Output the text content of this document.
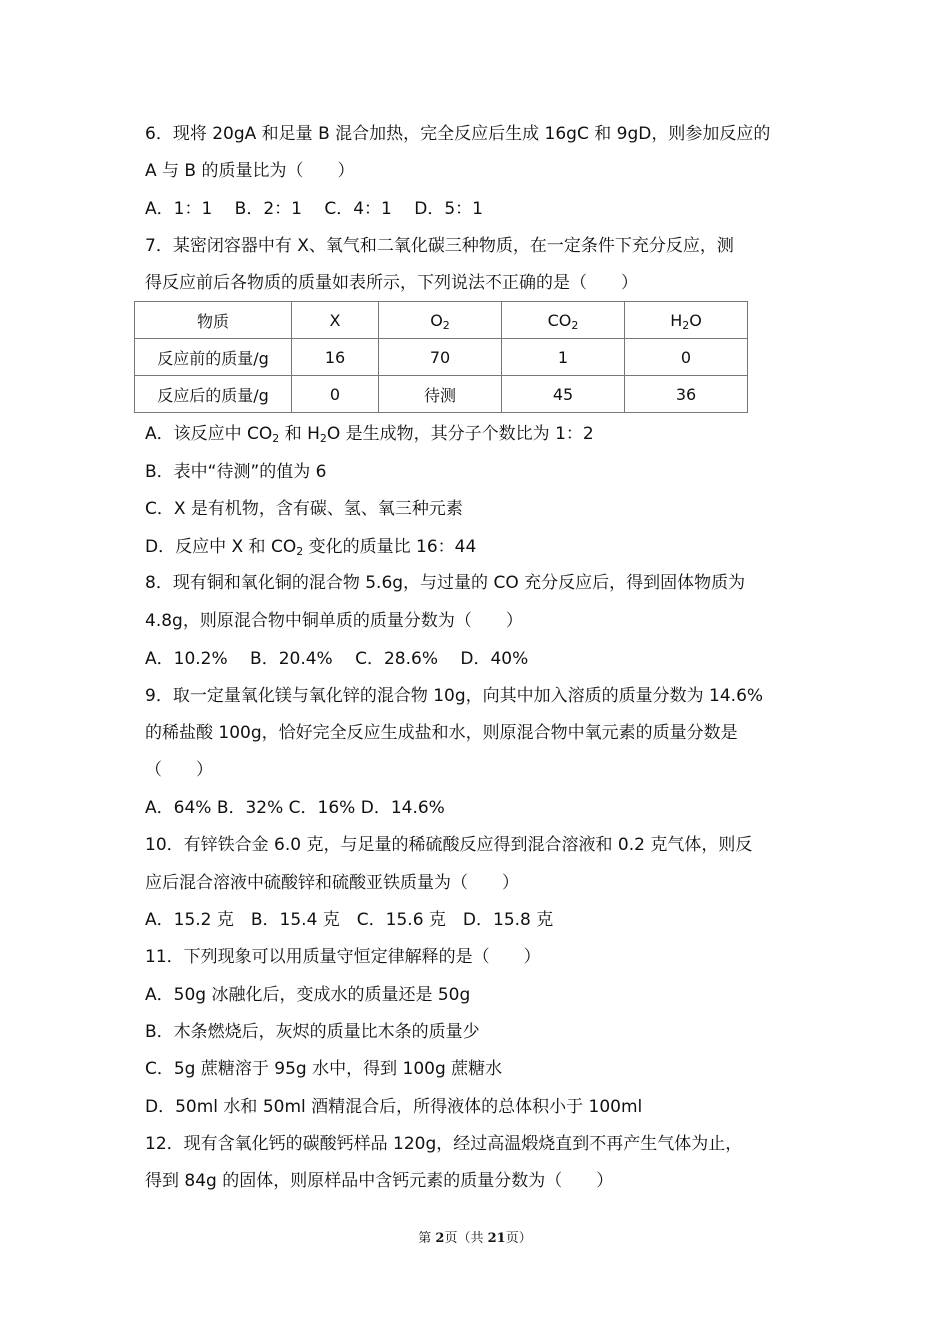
6．现将 20gA 和足量 B 混合加热，完全反应后生成 16gC 和 9gD，则参加反应的
A 与 B 的质量比为（　　）
A．1：1　 B．2：1　 C．4：1　 D．5：1
7．某密闭容器中有 X、氧气和二氧化碳三种物质，在一定条件下充分反应，测
得反应前后各物质的质量如表所示，下列说法不正确的是（　　）
物质	X	$O_2$	$CO_2$	$H_2O$
反应前的质量/g	16	70	1	0
反应后的质量/g	0	待测	45	36
A．该反应中 $CO_2$ 和 $H_2O$ 是生成物，其分子个数比为 1：2
B．表中“待测”的值为 6
C．X 是有机物，含有碳、氢、氧三种元素
D．反应中 X 和 $CO_2$ 变化的质量比 16：44
8．现有铜和氧化铜的混合物 5.6g，与过量的 CO 充分反应后，得到固体物质为
4.8g，则原混合物中铜单质的质量分数为（　　）
A．10.2%　 B．20.4%　 C．28.6%　 D．40%
9．取一定量氧化镁与氧化锌的混合物 10g，向其中加入溶质的质量分数为 14.6%
的稀盐酸 100g，恰好完全反应生成盐和水，则原混合物中氧元素的质量分数是
（　　）
A．64% B．32% C．16% D．14.6%
10．有锌铁合金 6.0 克，与足量的稀硫酸反应得到混合溶液和 0.2 克气体，则反
应后混合溶液中硫酸锌和硫酸亚铁质量为（　　）
A．15.2 克　B．15.4 克　C．15.6 克　D．15.8 克
11．下列现象可以用质量守恒定律解释的是（　　）
A．50g 冰融化后，变成水的质量还是 50g
B．木条燃烧后，灰烬的质量比木条的质量少
C．5g 蔗糖溶于 95g 水中，得到 100g 蔗糖水
D．50ml 水和 50ml 酒精混合后，所得液体的总体积小于 100ml
12．现有含氧化钙的碳酸钙样品 120g，经过高温煅烧直到不再产生气体为止，
得到 84g 的固体，则原样品中含钙元素的质量分数为（　　）
第 2页（共 21页）
